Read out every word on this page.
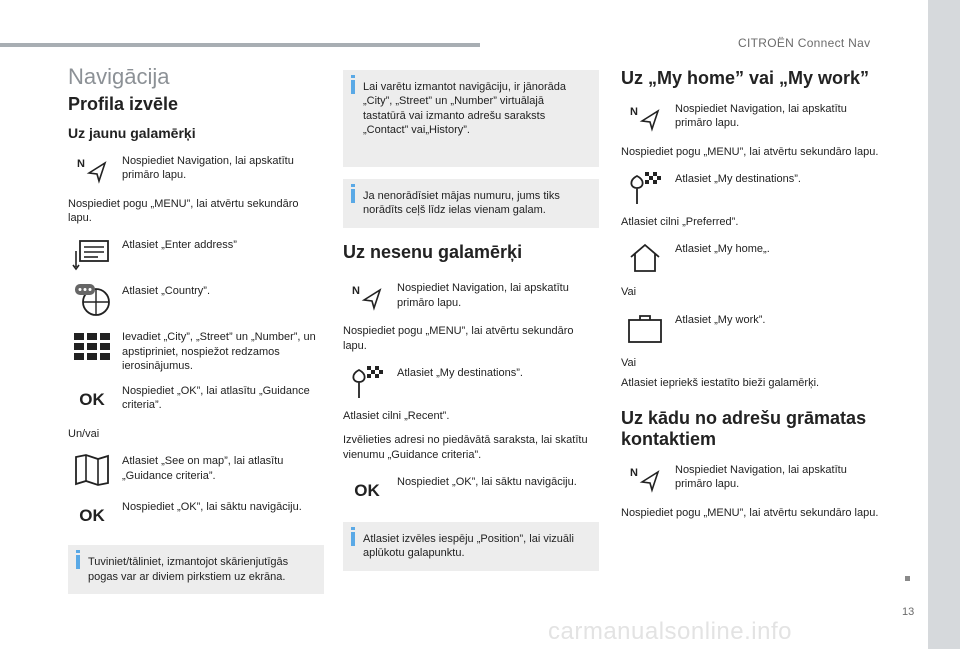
CITROËN Connect Nav
13
carmanualsonline.info
Navigācija
Profila izvēle
Uz jaunu galamērķi
N	Nospiediet Navigation, lai apskatītu primāro lapu.
Nospiediet pogu „MENU”, lai atvērtu sekundāro lapu.
Atlasiet „Enter address”
Atlasiet „Country”.
Ievadiet „City”, „Street” un „Number”, un apstipriniet, nospiežot redzamos ierosinājumus.
OK Nospiediet „OK”, lai atlasītu „Guidance criteria”.
Un/vai
Atlasiet „See on map”, lai atlasītu „Guidance criteria”.
OK Nospiediet „OK”, lai sāktu navigāciju.
Tuviniet/tāliniet, izmantojot skārienjutīgās pogas var ar diviem pirkstiem uz ekrāna.
Lai varētu izmantot navigāciju, ir jānorāda „City”, „Street” un „Number” virtuālajā tastatūrā vai izmanto adrešu saraksts „Contact” vai„History”.
Ja nenorādīsiet mājas numuru, jums tiks norādīts ceļš līdz ielas vienam galam.
Uz nesenu galamērķi
N	Nospiediet Navigation, lai apskatītu primāro lapu.
Nospiediet pogu „MENU”, lai atvērtu sekundāro lapu.
Atlasiet „My destinations”.
Atlasiet cilni „Recent”.
Izvēlieties adresi no piedāvātā saraksta, lai skatītu vienumu „Guidance criteria”.
OK Nospiediet „OK”, lai sāktu navigāciju.
Atlasiet izvēles iespēju „Position”, lai vizuāli aplūkotu galapunktu.
Uz „My home” vai „My work”
N	Nospiediet Navigation, lai apskatītu primāro lapu.
Nospiediet pogu „MENU”, lai atvērtu sekundāro lapu.
Atlasiet „My destinations”.
Atlasiet cilni „Preferred”.
Atlasiet „My home„.
Vai
Atlasiet „My work”.
Vai
Atlasiet iepriekš iestatīto bieži galamērķi.
Uz kādu no adrešu grāmatas kontaktiem
N	Nospiediet Navigation, lai apskatītu primāro lapu.
Nospiediet pogu „MENU”, lai atvērtu sekundāro lapu.
